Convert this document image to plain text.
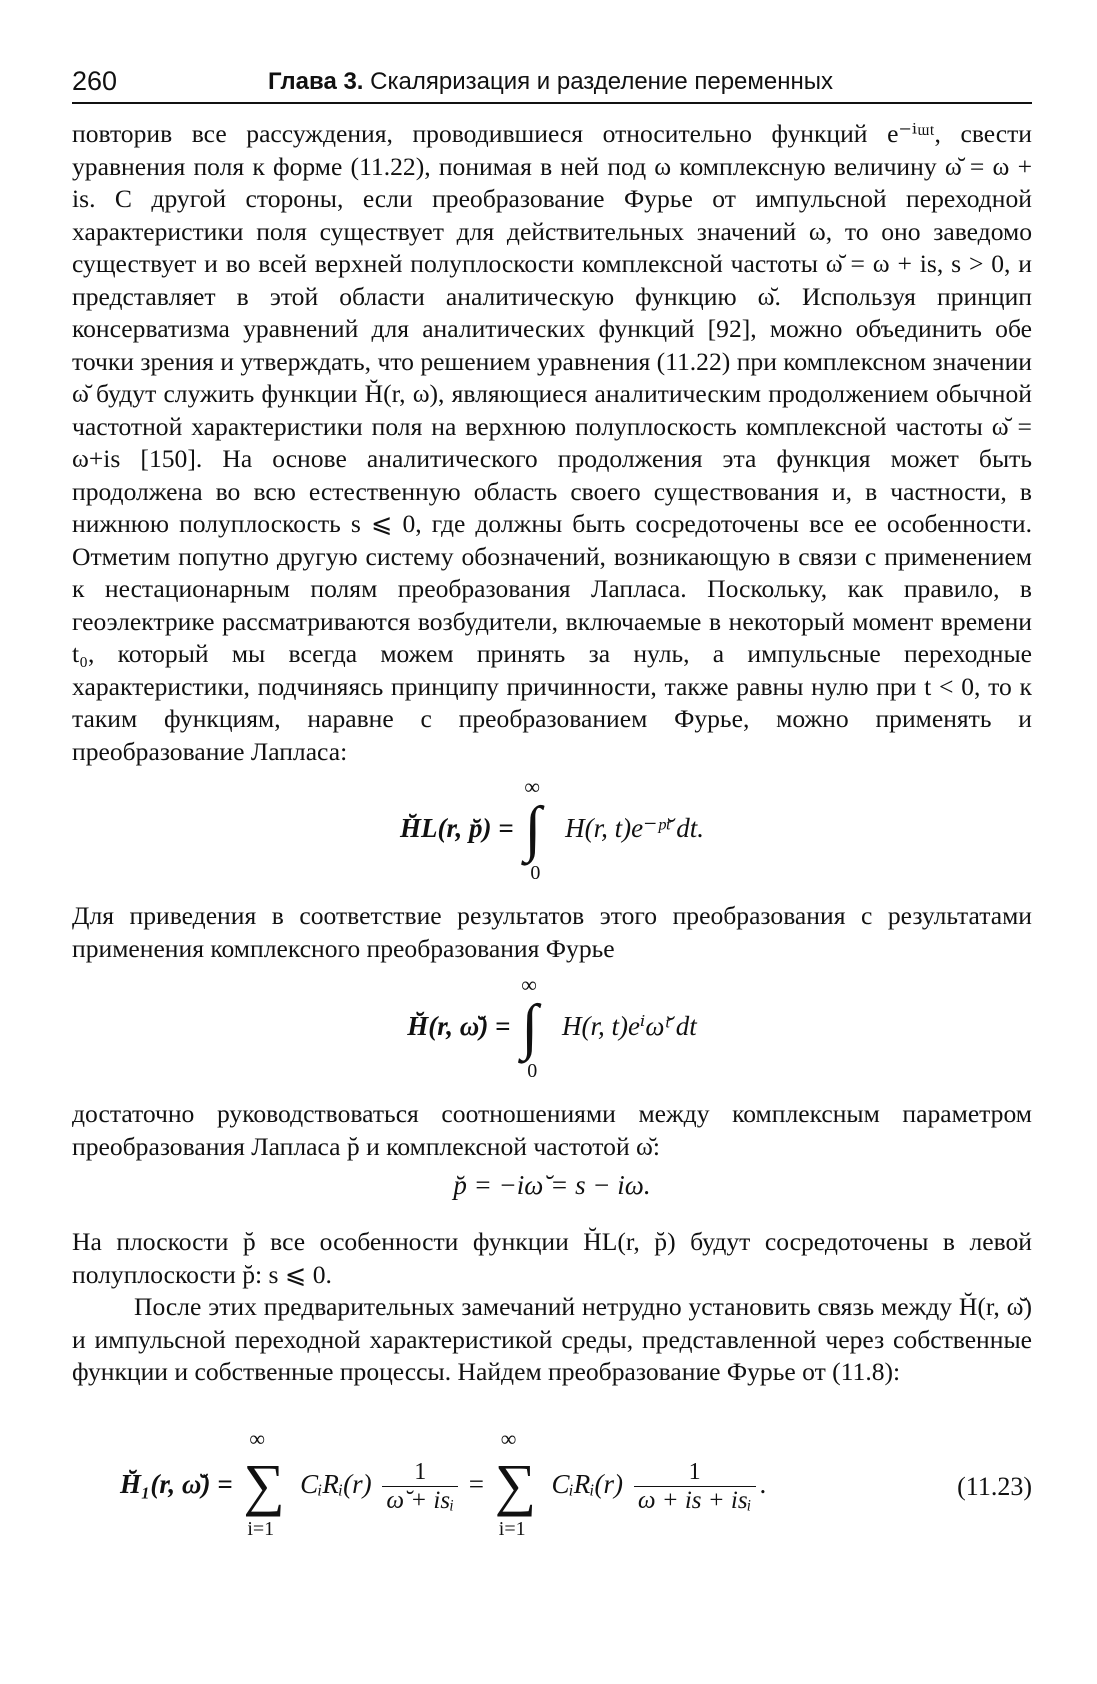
260	Глава 3. Скаляризация и разделение переменных

повторив все рассуждения, проводившиеся относительно функций e⁻ⁱᵚᵗ, свести уравнения поля к форме (11.22), понимая в ней под ω комплексную величину ω̆ = ω + is. С другой стороны, если преобразование Фурье от импульсной переходной характеристики поля существует для действительных значений ω, то оно заведомо существует и во всей верхней полуплоскости комплексной частоты ω̆ = ω + is, s > 0, и представляет в этой области аналитическую функцию ω̆. Используя принцип консерватизма уравнений для аналитических функций [92], можно объединить обе точки зрения и утверждать, что решением уравнения (11.22) при комплексном значении ω̆ будут служить функции H̆(r, ω), являющиеся аналитическим продолжением обычной частотной характеристики поля на верхнюю полуплоскость комплексной частоты ω̆ = ω+is [150]. На основе аналитического продолжения эта функция может быть продолжена во всю естественную область своего существования и, в частности, в нижнюю полуплоскость s ⩽ 0, где должны быть сосредоточены все ее особенности. Отметим попутно другую систему обозначений, возникающую в связи с применением к нестационарным полям преобразования Лапласа. Поскольку, как правило, в геоэлектрике рассматриваются возбудители, включаемые в некоторый момент времени t₀, который мы всегда можем принять за нуль, а импульсные переходные характеристики, подчиняясь принципу причинности, также равны нулю при t < 0, то к таким функциям, наравне с преобразованием Фурье, можно применять и преобразование Лапласа:

H̆L(r, p̆) =
∞
∫
0
H(r, t)e⁻ᵖ̆ᵗ dt.

Для приведения в соответствие результатов этого преобразования с результатами применения комплексного преобразования Фурье

H̆(r, ω̆) =
∞
∫
0
H(r, t)eⁱω̆ᵗ dt

достаточно руководствоваться соотношениями между комплексным параметром преобразования Лапласа p̆ и комплексной частотой ω̆:

p̆ = −iω̆ = s − iω.

На плоскости p̆ все особенности функции H̆L(r, p̆) будут сосредоточены в левой полуплоскости p̆: s ⩽ 0.

После этих предварительных замечаний нетрудно установить связь между H̆(r, ω̆) и импульсной переходной характеристикой среды, представленной через собственные функции и собственные процессы. Найдем преобразование Фурье от (11.8):

H̆₁(r, ω̆) =
∞
∑
i=1
CᵢRᵢ(r) $\frac{1}{\text{ω̆ + isᵢ}}$ =
∞
∑
i=1
CᵢRᵢ(r) $\frac{1}{\text{ω + is + isᵢ}}$ .	(11.23)
